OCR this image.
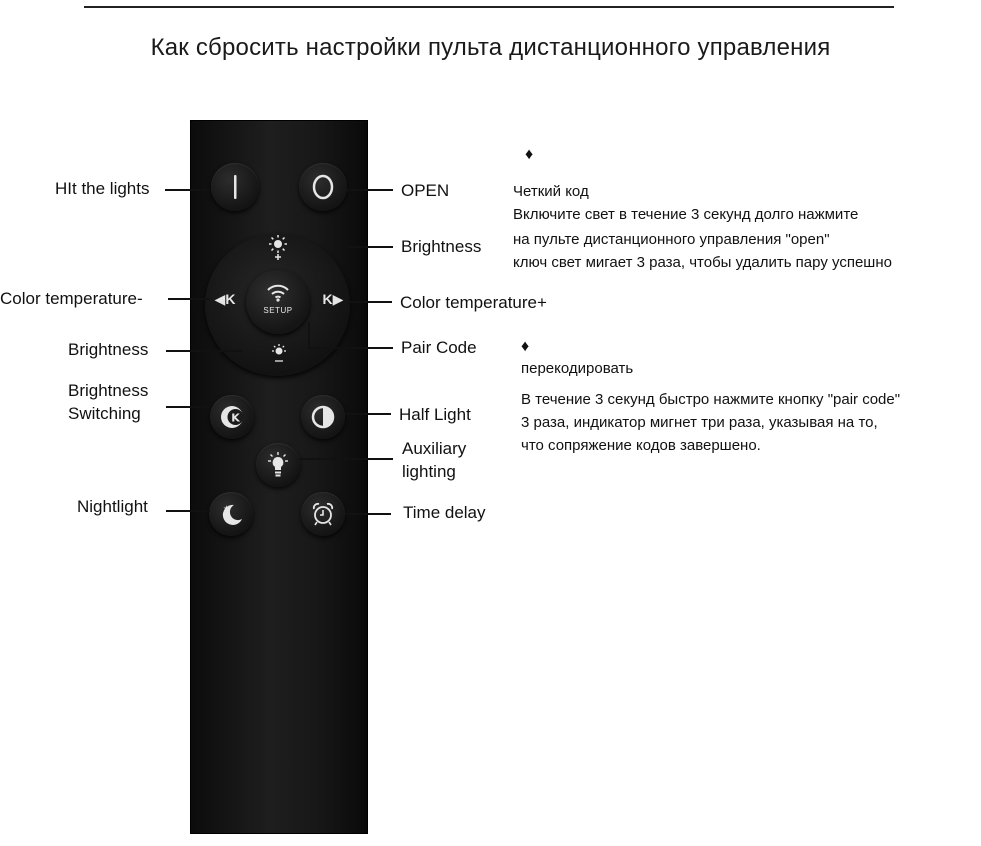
Как сбросить настройки пульта дистанционного управления
◀K	K▶
SETUP
K
★
HIt the lights
Color temperature-
Brightness
Brightness
Switching
Nightlight
OPEN
Brightness
Color temperature+
Pair Code
Half Light
Auxiliary
lighting
Time delay
♦
Четкий код
Включите свет в течение 3 секунд долго нажмите
на пульте дистанционного управления "open"
ключ свет мигает 3 раза, чтобы удалить пару успешно
♦
перекодировать
В течение 3 секунд быстро нажмите кнопку "pair code"
3 раза, индикатор мигнет три раза, указывая на то,
что сопряжение кодов завершено.
